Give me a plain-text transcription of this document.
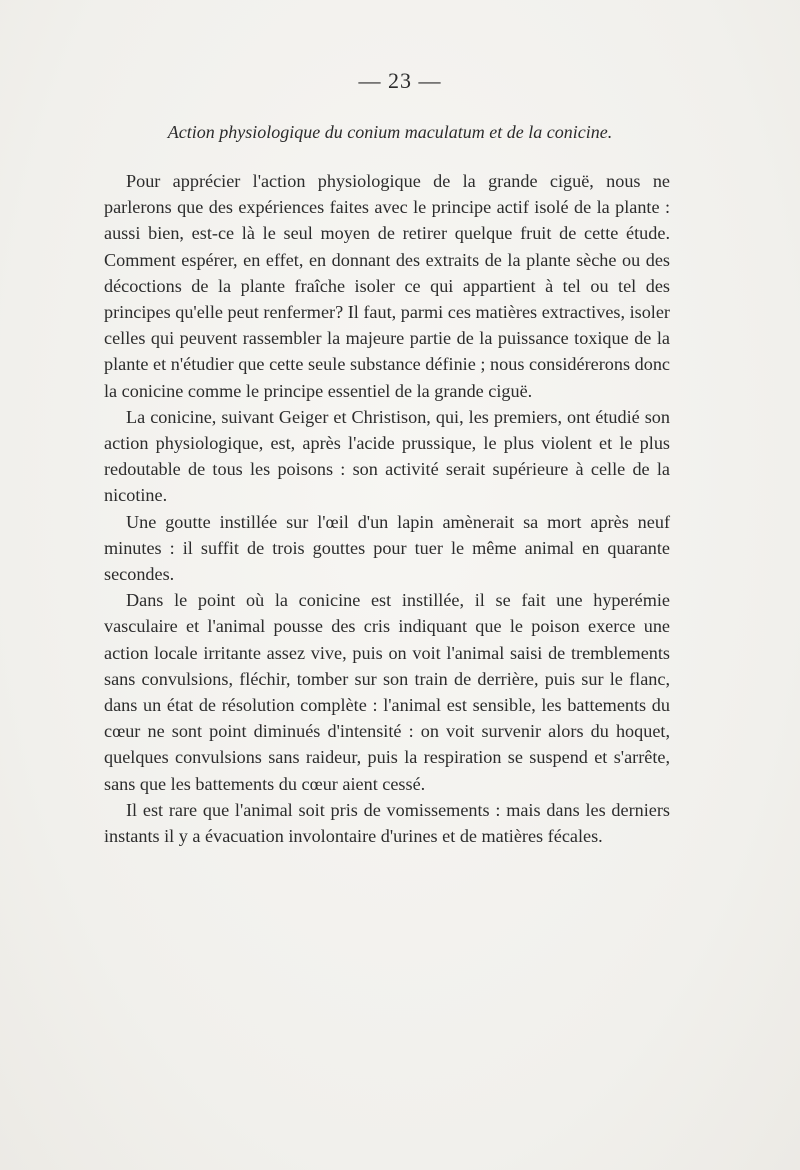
— 23 —
Action physiologique du conium maculatum et de la conicine.

Pour apprécier l'action physiologique de la grande ciguë, nous ne parlerons que des expériences faites avec le principe actif isolé de la plante : aussi bien, est-ce là le seul moyen de retirer quelque fruit de cette étude. Comment espérer, en effet, en donnant des extraits de la plante sèche ou des décoctions de la plante fraîche isoler ce qui appartient à tel ou tel des principes qu'elle peut renfermer? Il faut, parmi ces matières extractives, isoler celles qui peuvent rassembler la majeure partie de la puissance toxique de la plante et n'étudier que cette seule substance définie ; nous considérerons donc la conicine comme le principe essentiel de la grande ciguë.

La conicine, suivant Geiger et Christison, qui, les premiers, ont étudié son action physiologique, est, après l'acide prussique, le plus violent et le plus redoutable de tous les poisons : son activité serait supérieure à celle de la nicotine.

Une goutte instillée sur l'œil d'un lapin amènerait sa mort après neuf minutes : il suffit de trois gouttes pour tuer le même animal en quarante secondes.

Dans le point où la conicine est instillée, il se fait une hyperémie vasculaire et l'animal pousse des cris indiquant que le poison exerce une action locale irritante assez vive, puis on voit l'animal saisi de tremblements sans convulsions, fléchir, tomber sur son train de derrière, puis sur le flanc, dans un état de résolution complète : l'animal est sensible, les battements du cœur ne sont point diminués d'intensité : on voit survenir alors du hoquet, quelques convulsions sans raideur, puis la respiration se suspend et s'arrête, sans que les battements du cœur aient cessé.

Il est rare que l'animal soit pris de vomissements : mais dans les derniers instants il y a évacuation involontaire d'urines et de matières fécales.
